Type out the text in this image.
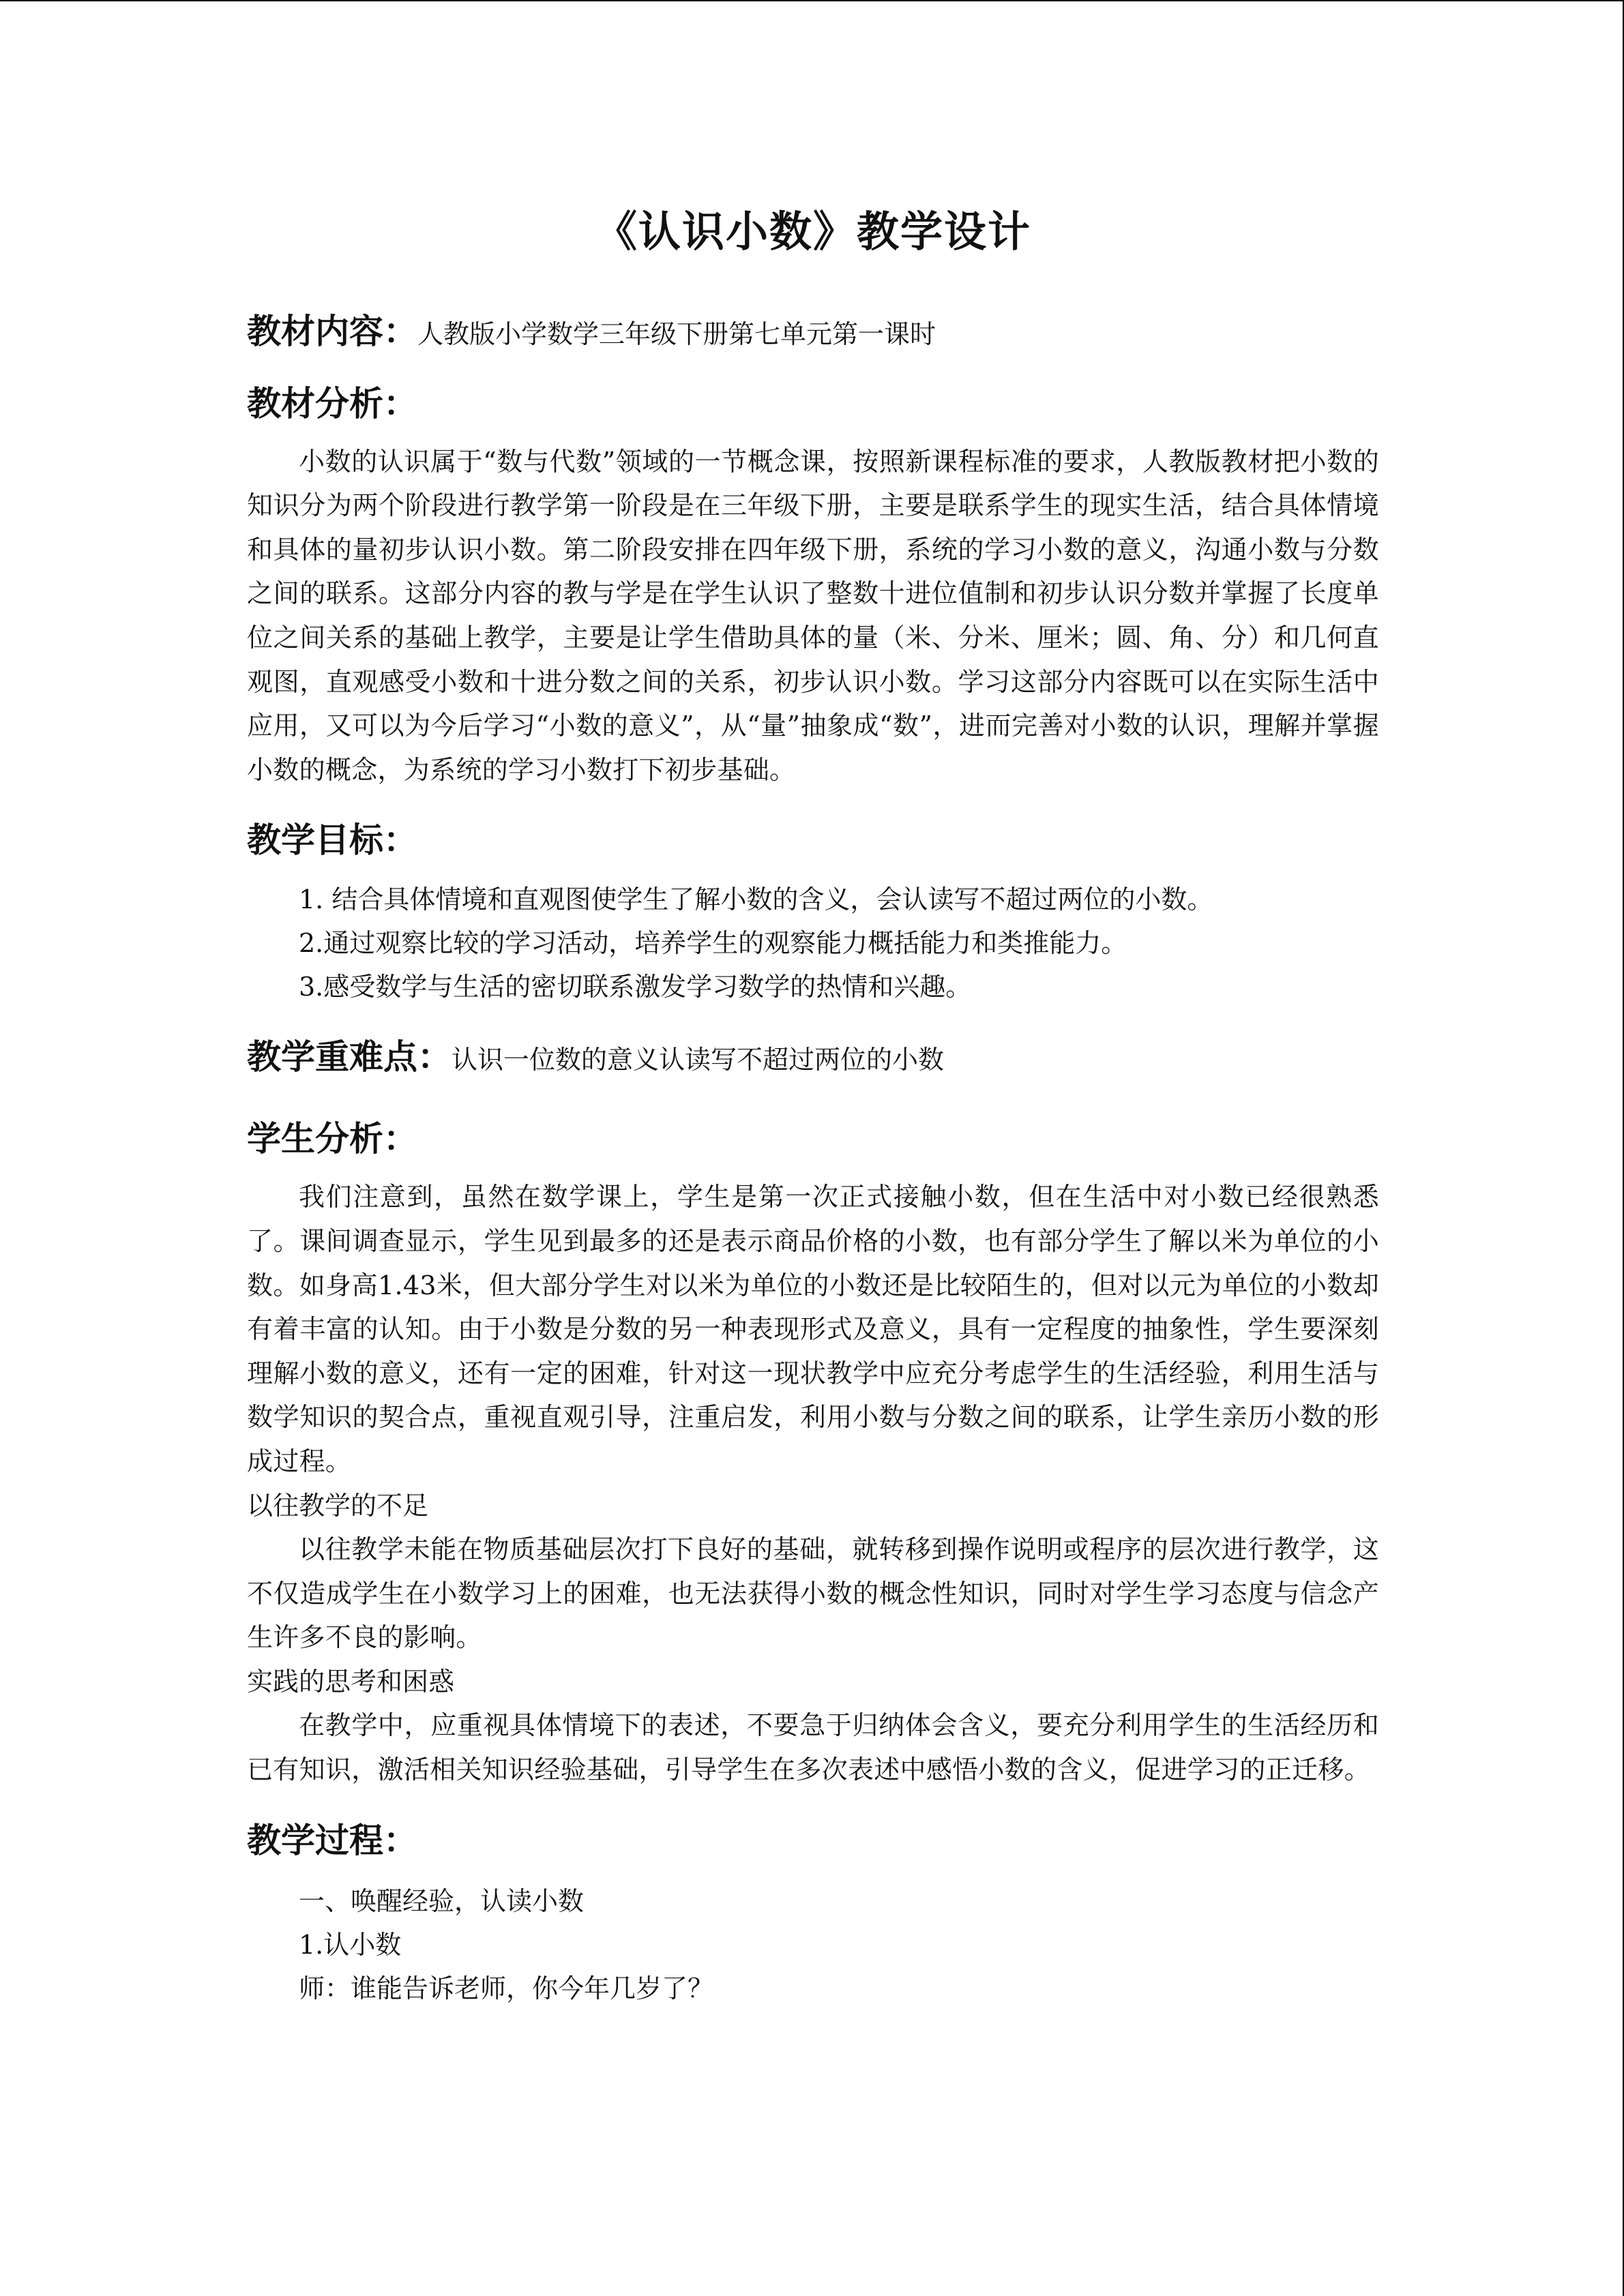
《认识小数》教学设计
教材内容：人教版小学数学三年级下册第七单元第一课时
教材分析：

小数的认识属于“数与代数”领域的一节概念课，按照新课程标准的要求，人教版教材把小数的知识分为两个阶段进行教学第一阶段是在三年级下册，主要是联系学生的现实生活，结合具体情境和具体的量初步认识小数。第二阶段安排在四年级下册，系统的学习小数的意义，沟通小数与分数之间的联系。这部分内容的教与学是在学生认识了整数十进位值制和初步认识分数并掌握了长度单位之间关系的基础上教学，主要是让学生借助具体的量（米、分米、厘米；圆、角、分）和几何直观图，直观感受小数和十进分数之间的关系，初步认识小数。学习这部分内容既可以在实际生活中应用，又可以为今后学习“小数的意义”，从“量”抽象成“数”，进而完善对小数的认识，理解并掌握小数的概念，为系统的学习小数打下初步基础。

教学目标：
1. 结合具体情境和直观图使学生了解小数的含义，会认读写不超过两位的小数。
2.通过观察比较的学习活动，培养学生的观察能力概括能力和类推能力。
3.感受数学与生活的密切联系激发学习数学的热情和兴趣。
教学重难点：认识一位数的意义认读写不超过两位的小数
学生分析：

我们注意到，虽然在数学课上，学生是第一次正式接触小数，但在生活中对小数已经很熟悉了。课间调查显示，学生见到最多的还是表示商品价格的小数，也有部分学生了解以米为单位的小数。如身高1.43米，但大部分学生对以米为单位的小数还是比较陌生的，但对以元为单位的小数却有着丰富的认知。由于小数是分数的另一种表现形式及意义，具有一定程度的抽象性，学生要深刻理解小数的意义，还有一定的困难，针对这一现状教学中应充分考虑学生的生活经验，利用生活与数学知识的契合点，重视直观引导，注重启发，利用小数与分数之间的联系，让学生亲历小数的形成过程。

以往教学的不足

以往教学未能在物质基础层次打下良好的基础，就转移到操作说明或程序的层次进行教学，这不仅造成学生在小数学习上的困难，也无法获得小数的概念性知识，同时对学生学习态度与信念产生许多不良的影响。

实践的思考和困惑

在教学中，应重视具体情境下的表述，不要急于归纳体会含义，要充分利用学生的生活经历和已有知识，激活相关知识经验基础，引导学生在多次表述中感悟小数的含义，促进学习的正迁移。

教学过程：

一、唤醒经验，认读小数

1.认小数

师：谁能告诉老师，你今年几岁了？
